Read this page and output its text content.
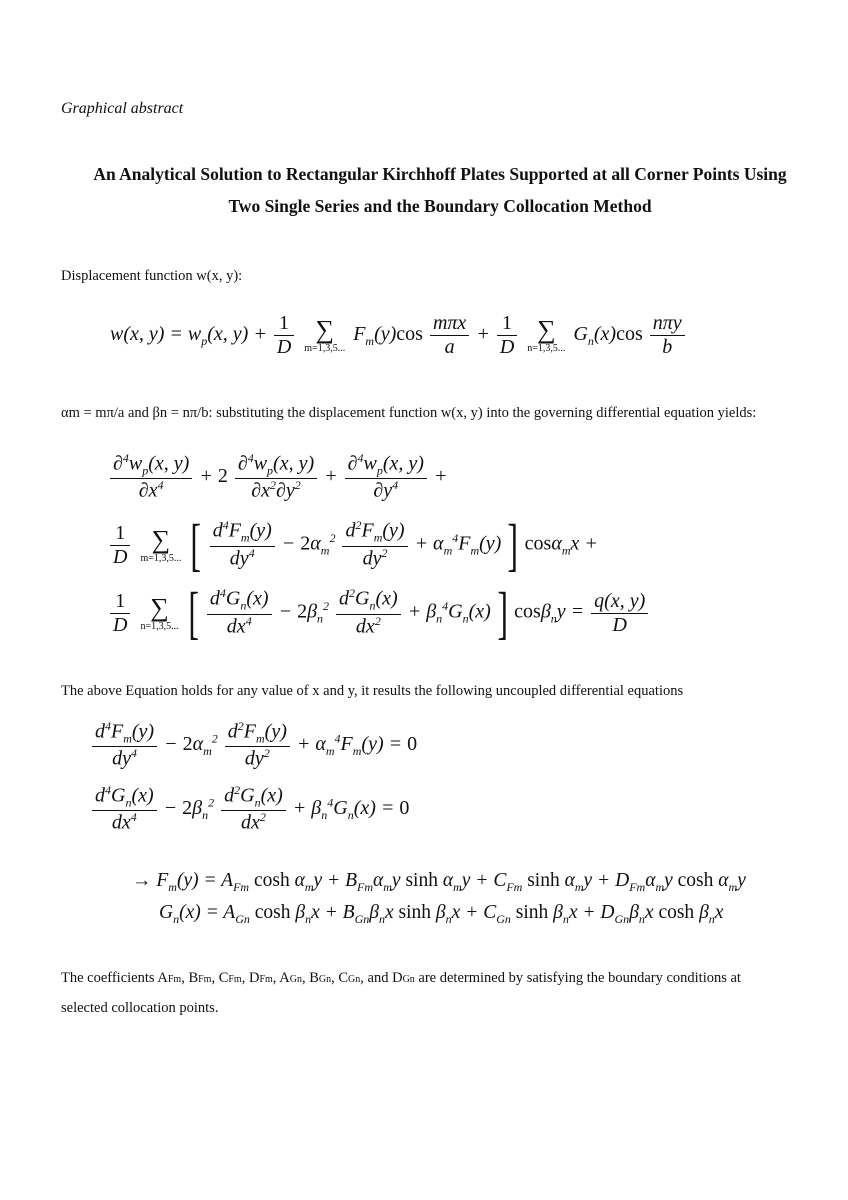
Graphical abstract
An Analytical Solution to Rectangular Kirchhoff Plates Supported at all Corner Points Using
Two Single Series and the Boundary Collocation Method
Displacement function w(x, y):
w(x, $y) = w_p(x$, $y) + \frac{1}{D}$
∑
m=1,3,5...
$F_m(y)\cos \frac{\text{mπx}}{a} + \frac{1}{D}$
∑
n=1,3,5...
$G_n(x)\cos \frac{\text{nπy}}{b}$
αm = mπ/a and βn = nπ/b: substituting the displacement function w(x, y) into the governing differential equation yields:
$\frac{\partial^4w_p(x, y)}{\partial x^4} + 2 \frac{\partial^4w_p(x, y)}{\partial x^2\partial y^2} + \frac{\partial^4w_p(x, y)}{\partial y^4}$ +
$\frac{1}{D}$
∑
m=1,3,5... [ $\frac{d^4F_m(y)}{dy^4} - 2\alpha_m^2 \frac{d^2F_m(y)}{dy^2} + \alpha_m^4F_m(y)$ ] cosα$_m$x +
$\frac{1}{D}$
∑
n=1,3,5... [ $\frac{d^4G_n(x)}{dx^4} - 2\beta_n^2 \frac{d^2G_n(x)}{dx^2} + \beta_n^4G_n(x)$ ] $\cos\beta_ny = \frac{q(x, y)}{D}$
The above Equation holds for any value of x and y, it results the following uncoupled differential equations
$\frac{d^4F_m(y)}{dy^4} - 2\alpha_m^2 \frac{d^2F_m(y)}{dy^2} + \alpha_m^4F_m(y) = 0$
$\frac{d^4G_n(x)}{dx^4} - 2\beta_n^2 \frac{d^2G_n(x)}{dx^2} + \beta_n^4G_n(x) = 0$
→ $F_m(y) = A_{Fm}$ $\cosh \alpha_my + B_{Fm}\alpha_my$ $\sinh \alpha_my + C_{Fm}$ $\sinh \alpha_my + D_{Fm}\alpha_my$ $\cosh \alpha_my$
$G_n(x) = A_{Gn}$ $\cosh \beta_nx + B_{Gn}\beta_nx$ $\sinh \beta_nx + C_{Gn}$ $\sinh \beta_nx + D_{Gn}\beta_nx$ $\cosh \beta_nx$
The coefficients AFm, BFm, CFm, DFm, AGn, BGn, CGn, and DGn are determined by satisfying the boundary conditions at
selected collocation points.
